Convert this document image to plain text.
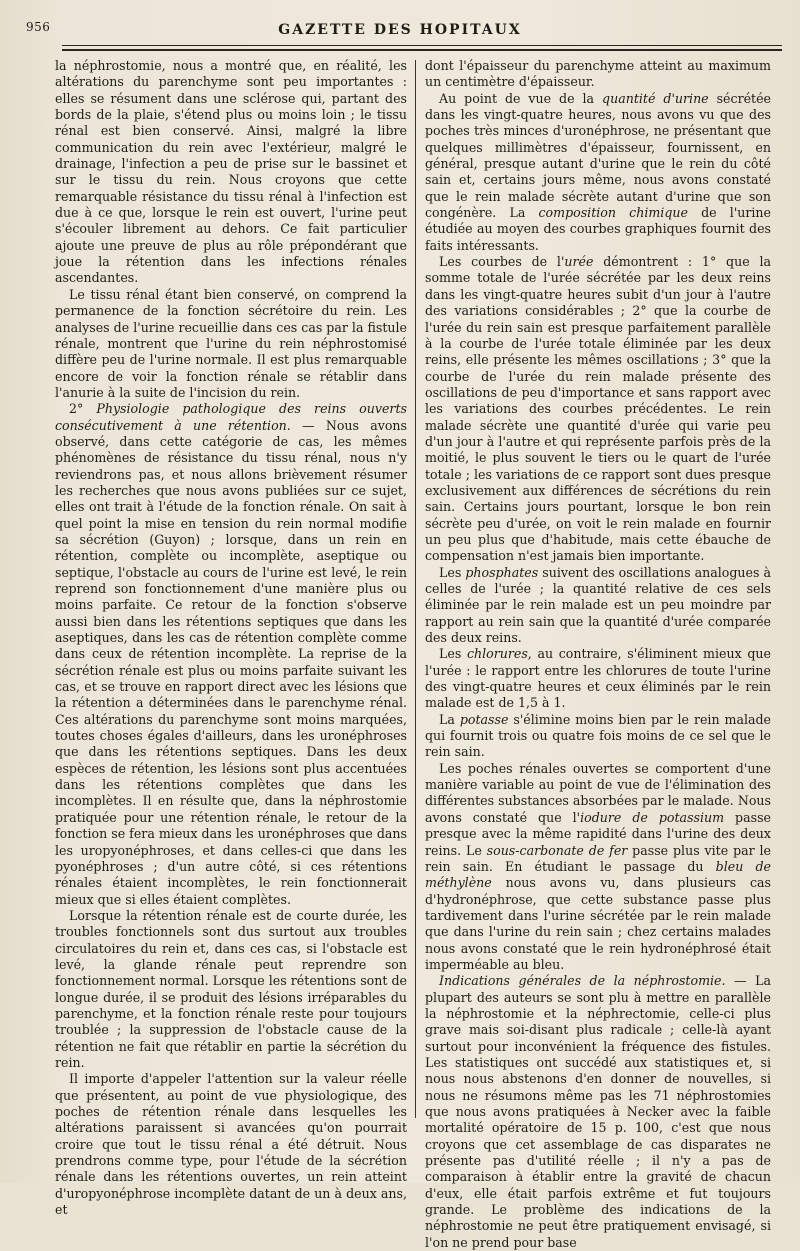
956	GAZETTE DES HOPITAUX

la néphrostomie, nous a montré que, en réalité, les altérations du parenchyme sont peu importantes : elles se résument dans une sclérose qui, partant des bords de la plaie, s'étend plus ou moins loin ; le tissu rénal est bien conservé. Ainsi, malgré la libre communication du rein avec l'extérieur, malgré le drainage, l'infection a peu de prise sur le bassinet et sur le tissu du rein. Nous croyons que cette remarquable résistance du tissu rénal à l'infection est due à ce que, lorsque le rein est ouvert, l'urine peut s'écouler librement au dehors. Ce fait particulier ajoute une preuve de plus au rôle prépondérant que joue la rétention dans les infections rénales ascendantes.

Le tissu rénal étant bien conservé, on comprend la permanence de la fonction sécrétoire du rein. Les analyses de l'urine recueillie dans ces cas par la fistule rénale, montrent que l'urine du rein néphrostomisé diffère peu de l'urine normale. Il est plus remarquable encore de voir la fonction rénale se rétablir dans l'anurie à la suite de l'incision du rein.

2° Physiologie pathologique des reins ouverts consécutivement à une rétention. — Nous avons observé, dans cette catégorie de cas, les mêmes phénomènes de résistance du tissu rénal, nous n'y reviendrons pas, et nous allons brièvement résumer les recherches que nous avons publiées sur ce sujet, elles ont trait à l'étude de la fonction rénale. On sait à quel point la mise en tension du rein normal modifie sa sécrétion (Guyon) ; lorsque, dans un rein en rétention, complète ou incomplète, aseptique ou septique, l'obstacle au cours de l'urine est levé, le rein reprend son fonctionnement d'une manière plus ou moins parfaite. Ce retour de la fonction s'observe aussi bien dans les rétentions septiques que dans les aseptiques, dans les cas de rétention complète comme dans ceux de rétention incomplète. La reprise de la sécrétion rénale est plus ou moins parfaite suivant les cas, et se trouve en rapport direct avec les lésions que la rétention a déterminées dans le parenchyme rénal. Ces altérations du parenchyme sont moins marquées, toutes choses égales d'ailleurs, dans les uronéphroses que dans les rétentions septiques. Dans les deux espèces de rétention, les lésions sont plus accentuées dans les rétentions complètes que dans les incomplètes. Il en résulte que, dans la néphrostomie pratiquée pour une rétention rénale, le retour de la fonction se fera mieux dans les uronéphroses que dans les uropyonéphroses, et dans celles-ci que dans les pyonéphroses ; d'un autre côté, si ces rétentions rénales étaient incomplètes, le rein fonctionnerait mieux que si elles étaient complètes.

Lorsque la rétention rénale est de courte durée, les troubles fonctionnels sont dus surtout aux troubles circulatoires du rein et, dans ces cas, si l'obstacle est levé, la glande rénale peut reprendre son fonctionnement normal. Lorsque les rétentions sont de longue durée, il se produit des lésions irréparables du parenchyme, et la fonction rénale reste pour toujours troublée ; la suppression de l'obstacle cause de la rétention ne fait que rétablir en partie la sécrétion du rein.

Il importe d'appeler l'attention sur la valeur réelle que présentent, au point de vue physiologique, des poches de rétention rénale dans lesquelles les altérations paraissent si avancées qu'on pourrait croire que tout le tissu rénal a été détruit. Nous prendrons comme type, pour l'étude de la sécrétion rénale dans les rétentions ouvertes, un rein atteint d'uropyonéphrose incomplète datant de un à deux ans, et

dont l'épaisseur du parenchyme atteint au maximum un centimètre d'épaisseur.

Au point de vue de la quantité d'urine sécrétée dans les vingt-quatre heures, nous avons vu que des poches très minces d'uronéphrose, ne présentant que quelques millimètres d'épaisseur, fournissent, en général, presque autant d'urine que le rein du côté sain et, certains jours même, nous avons constaté que le rein malade sécrète autant d'urine que son congénère. La composition chimique de l'urine étudiée au moyen des courbes graphiques fournit des faits intéressants.

Les courbes de l'urée démontrent : 1° que la somme totale de l'urée sécrétée par les deux reins dans les vingt-quatre heures subit d'un jour à l'autre des variations considérables ; 2° que la courbe de l'urée du rein sain est presque parfaitement parallèle à la courbe de l'urée totale éliminée par les deux reins, elle présente les mêmes oscillations ; 3° que la courbe de l'urée du rein malade présente des oscillations de peu d'importance et sans rapport avec les variations des courbes précédentes. Le rein malade sécrète une quantité d'urée qui varie peu d'un jour à l'autre et qui représente parfois près de la moitié, le plus souvent le tiers ou le quart de l'urée totale ; les variations de ce rapport sont dues presque exclusivement aux différences de sécrétions du rein sain. Certains jours pourtant, lorsque le bon rein sécrète peu d'urée, on voit le rein malade en fournir un peu plus que d'habitude, mais cette ébauche de compensation n'est jamais bien importante.

Les phosphates suivent des oscillations analogues à celles de l'urée ; la quantité relative de ces sels éliminée par le rein malade est un peu moindre par rapport au rein sain que la quantité d'urée comparée des deux reins.

Les chlorures, au contraire, s'éliminent mieux que l'urée : le rapport entre les chlorures de toute l'urine des vingt-quatre heures et ceux éliminés par le rein malade est de 1,5 à 1.

La potasse s'élimine moins bien par le rein malade qui fournit trois ou quatre fois moins de ce sel que le rein sain.

Les poches rénales ouvertes se comportent d'une manière variable au point de vue de l'élimination des différentes substances absorbées par le malade. Nous avons constaté que l'iodure de potassium passe presque avec la même rapidité dans l'urine des deux reins. Le sous-carbonate de fer passe plus vite par le rein sain. En étudiant le passage du bleu de méthylène nous avons vu, dans plusieurs cas d'hydronéphrose, que cette substance passe plus tardivement dans l'urine sécrétée par le rein malade que dans l'urine du rein sain ; chez certains malades nous avons constaté que le rein hydronéphrosé était imperméable au bleu.

Indications générales de la néphrostomie. — La plupart des auteurs se sont plu à mettre en parallèle la néphrostomie et la néphrectomie, celle-ci plus grave mais soi-disant plus radicale ; celle-là ayant surtout pour inconvénient la fréquence des fistules. Les statistiques ont succédé aux statistiques et, si nous nous abstenons d'en donner de nouvelles, si nous ne résumons même pas les 71 néphrostomies que nous avons pratiquées à Necker avec la faible mortalité opératoire de 15 p. 100, c'est que nous croyons que cet assemblage de cas disparates ne présente pas d'utilité réelle ; il n'y a pas de comparaison à établir entre la gravité de chacun d'eux, elle était parfois extrême et fut toujours grande. Le problème des indications de la néphrostomie ne peut être pratiquement envisagé, si l'on ne prend pour base
